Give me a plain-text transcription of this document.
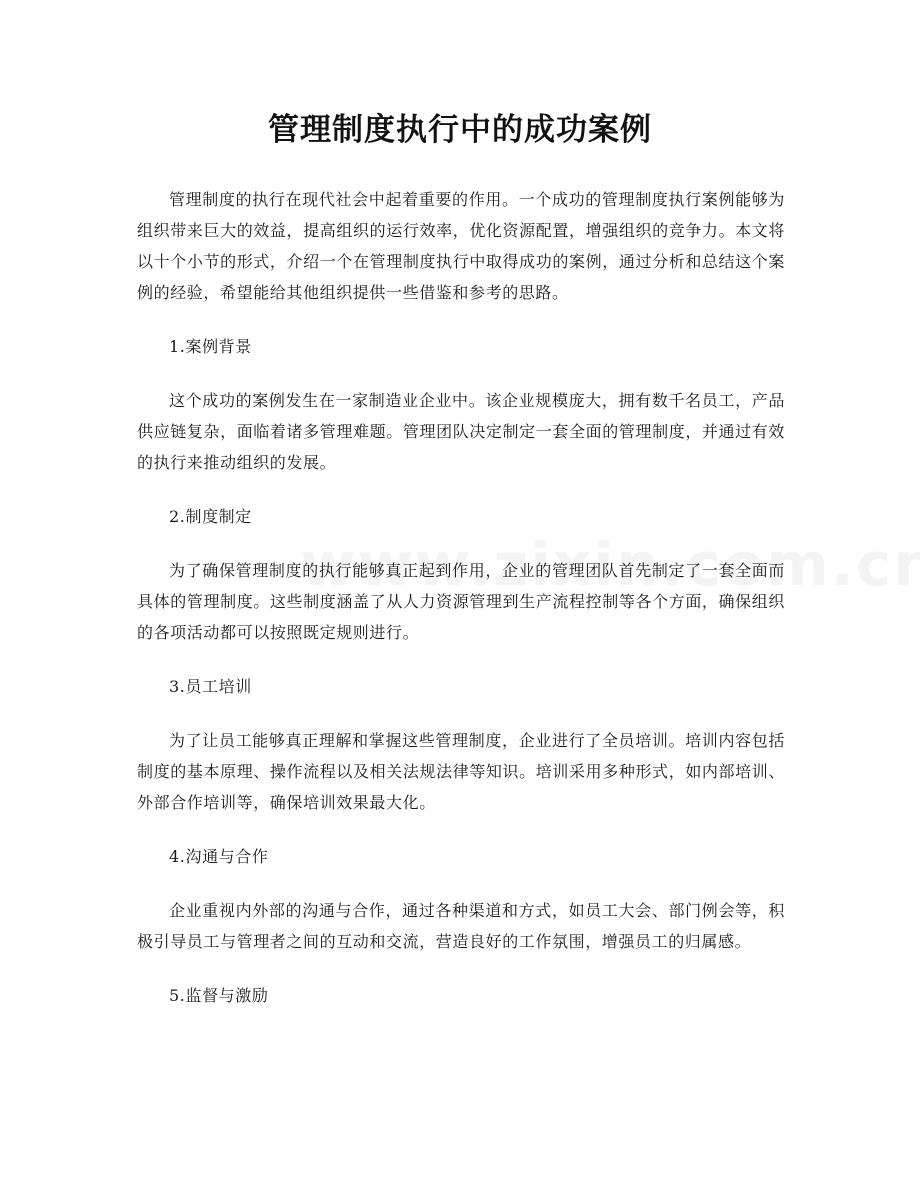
管理制度执行中的成功案例

管理制度的执行在现代社会中起着重要的作用。一个成功的管理制度执行案例能够为组织带来巨大的效益，提高组织的运行效率，优化资源配置，增强组织的竞争力。本文将以十个小节的形式，介绍一个在管理制度执行中取得成功的案例，通过分析和总结这个案例的经验，希望能给其他组织提供一些借鉴和参考的思路。

1.案例背景

这个成功的案例发生在一家制造业企业中。该企业规模庞大，拥有数千名员工，产品供应链复杂，面临着诸多管理难题。管理团队决定制定一套全面的管理制度，并通过有效的执行来推动组织的发展。

2.制度制定

为了确保管理制度的执行能够真正起到作用，企业的管理团队首先制定了一套全面而具体的管理制度。这些制度涵盖了从人力资源管理到生产流程控制等各个方面，确保组织的各项活动都可以按照既定规则进行。

3.员工培训

为了让员工能够真正理解和掌握这些管理制度，企业进行了全员培训。培训内容包括制度的基本原理、操作流程以及相关法规法律等知识。培训采用多种形式，如内部培训、外部合作培训等，确保培训效果最大化。

4.沟通与合作

企业重视内外部的沟通与合作，通过各种渠道和方式，如员工大会、部门例会等，积极引导员工与管理者之间的互动和交流，营造良好的工作氛围，增强员工的归属感。

5.监督与激励
